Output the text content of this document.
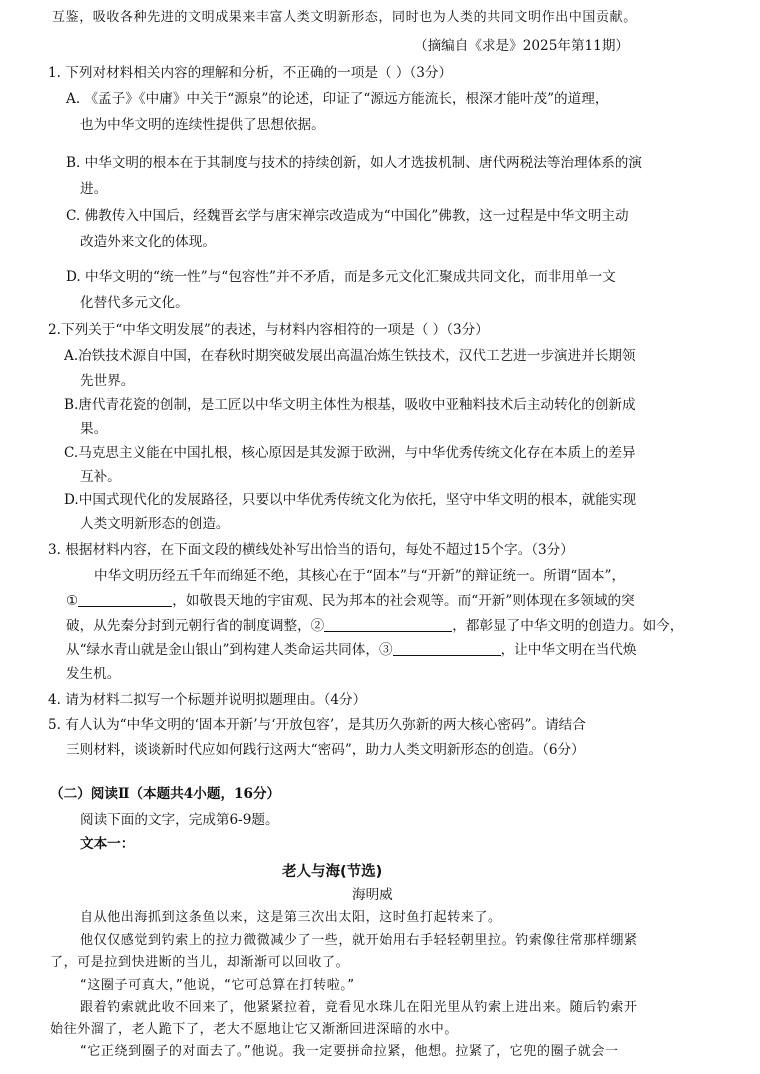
互鉴，吸收各种先进的文明成果来丰富人类文明新形态，同时也为人类的共同文明作出中国贡献。
（摘编自《求是》2025年第11期）
1. 下列对材料相关内容的理解和分析，不正确的一项是（ ）（3分）
A. 《孟子》《中庸》中关于“源泉”的论述，印证了“源远方能流长，根深才能叶茂”的道理，
也为中华文明的连续性提供了思想依据。
B. 中华文明的根本在于其制度与技术的持续创新，如人才选拔机制、唐代两税法等治理体系的演
进。
C. 佛教传入中国后，经魏晋玄学与唐宋禅宗改造成为“中国化”佛教，这一过程是中华文明主动
改造外来文化的体现。
D. 中华文明的“统一性”与“包容性”并不矛盾，而是多元文化汇聚成共同文化，而非用单一文
化替代多元文化。
2.下列关于“中华文明发展”的表述，与材料内容相符的一项是（ ）（3分）
A.冶铁技术源自中国，在春秋时期突破发展出高温冶炼生铁技术，汉代工艺进一步演进并长期领
先世界。
B.唐代青花瓷的创制，是工匠以中华文明主体性为根基，吸收中亚釉料技术后主动转化的创新成
果。
C.马克思主义能在中国扎根，核心原因是其发源于欧洲，与中华优秀传统文化存在本质上的差异
互补。
D.中国式现代化的发展路径，只要以中华优秀传统文化为依托，坚守中华文明的根本，就能实现
人类文明新形态的创造。
3. 根据材料内容，在下面文段的横线处补写出恰当的语句，每处不超过15个字。（3分）
中华文明历经五千年而绵延不绝，其核心在于“固本”与“开新”的辩证统一。所谓“固本”，
①	，如敬畏天地的宇宙观、民为邦本的社会观等。而“开新”则体现在多领域的突
破，从先秦分封到元朝行省的制度调整，②	，都彰显了中华文明的创造力。如今，
从“绿水青山就是金山银山”到构建人类命运共同体，③	，让中华文明在当代焕
发生机。
4. 请为材料二拟写一个标题并说明拟题理由。（4分）
5. 有人认为“中华文明的‘固本开新’与‘开放包容’，是其历久弥新的两大核心密码”。请结合
三则材料，谈谈新时代应如何践行这两大“密码”，助力人类文明新形态的创造。（6分）
（二）阅读Ⅱ（本题共4小题，16分）
阅读下面的文字，完成第6-9题。
文本一：
老人与海(节选)
海明威
自从他出海抓到这条鱼以来，这是第三次出太阳，这时鱼打起转来了。
他仅仅感觉到钓索上的拉力微微减少了一些，就开始用右手轻轻朝里拉。钓索像往常那样绷紧
了，可是拉到快进断的当儿，却渐渐可以回收了。
“这圈子可真大，”他说，“它可总算在打转啦。”
跟着钓索就此收不回来了，他紧紧拉着，竟看见水珠儿在阳光里从钓索上进出来。随后钓索开
始往外溜了，老人跪下了，老大不愿地让它又渐渐回进深暗的水中。
“它正绕到圈子的对面去了。”他说。我一定要拼命拉紧，他想。拉紧了，它兜的圈子就会一
